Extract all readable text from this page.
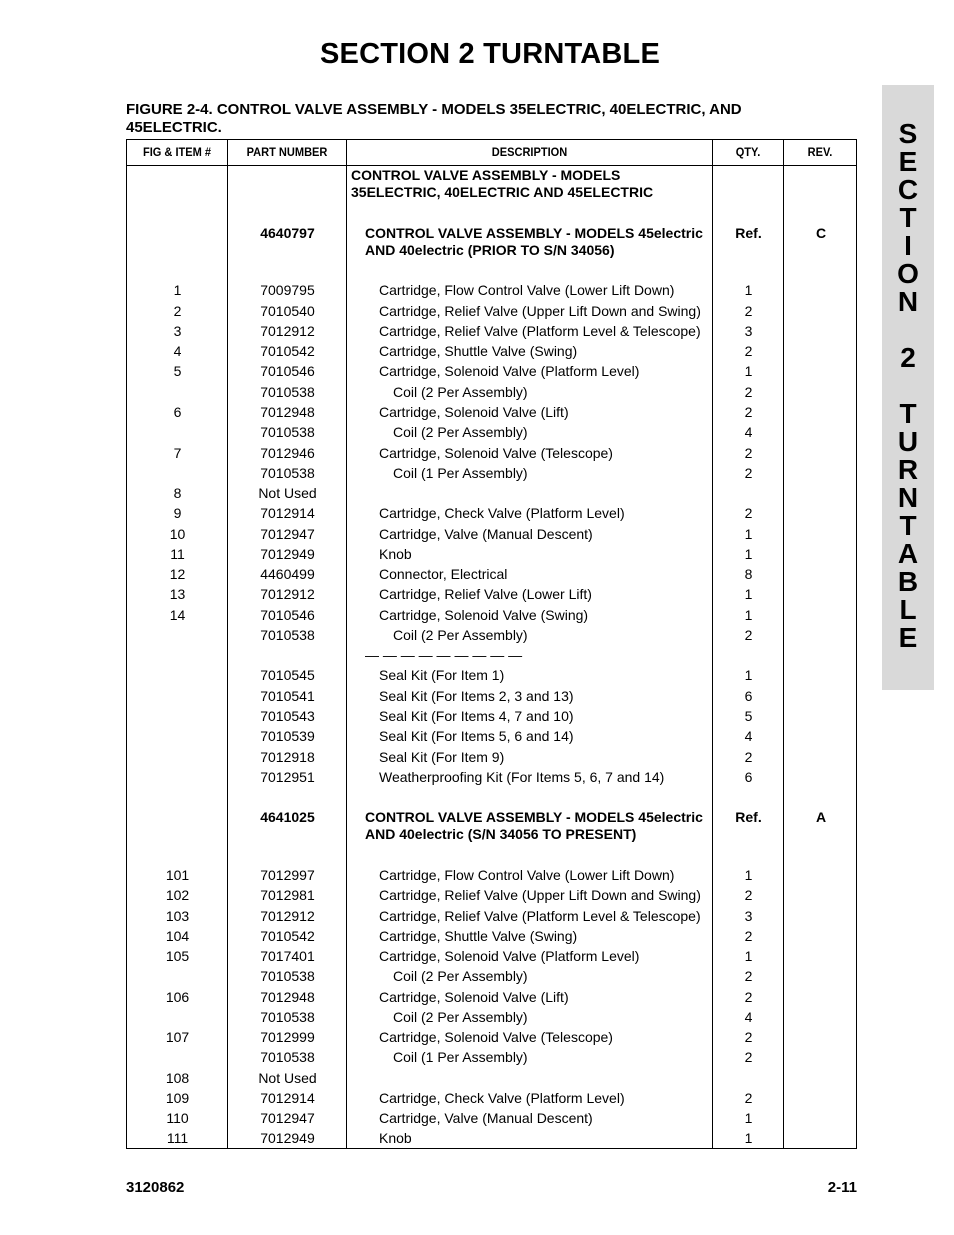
SECTION 2 TURNTABLE
FIGURE 2-4. CONTROL VALVE ASSEMBLY - MODELS 35ELECTRIC, 40ELECTRIC, AND 45ELECTRIC.	S
E
C
T
I
O
N
2
T
U
R
N
T
A
B
L
E
FIG & ITEM #	PART NUMBER	DESCRIPTION	QTY.	REV.
CONTROL VALVE ASSEMBLY - MODELS
35ELECTRIC, 40ELECTRIC AND 45ELECTRIC
4640797	CONTROL VALVE ASSEMBLY - MODELS 45electric	Ref.	C
AND 40electric (PRIOR TO S/N 34056)
1	7009795	Cartridge, Flow Control Valve (Lower Lift Down)	1
2	7010540	Cartridge, Relief Valve (Upper Lift Down and Swing)	2
3	7012912	Cartridge, Relief Valve (Platform Level & Telescope)	3
4	7010542	Cartridge, Shuttle Valve (Swing)	2
5	7010546	Cartridge, Solenoid Valve (Platform Level)	1
7010538	Coil (2 Per Assembly)	2
6	7012948	Cartridge, Solenoid Valve (Lift)	2
7010538	Coil (2 Per Assembly)	4
7	7012946	Cartridge, Solenoid Valve (Telescope)	2
7010538	Coil (1 Per Assembly)	2
8	Not Used
9	7012914	Cartridge, Check Valve (Platform Level)	2
10	7012947	Cartridge, Valve (Manual Descent)	1
11	7012949	Knob	1
12	4460499	Connector, Electrical	8
13	7012912	Cartridge, Relief Valve (Lower Lift)	1
14	7010546	Cartridge, Solenoid Valve (Swing)	1
7010538	Coil (2 Per Assembly)	2
— — — — — — — — —
7010545	Seal Kit (For Item 1)	1
7010541	Seal Kit (For Items 2, 3 and 13)	6
7010543	Seal Kit (For Items 4, 7 and 10)	5
7010539	Seal Kit (For Items 5, 6 and 14)	4
7012918	Seal Kit (For Item 9)	2
7012951	Weatherproofing Kit (For Items 5, 6, 7 and 14)	6
4641025	CONTROL VALVE ASSEMBLY - MODELS 45electric	Ref.	A
AND 40electric (S/N 34056 TO PRESENT)
101	7012997	Cartridge, Flow Control Valve (Lower Lift Down)	1
102	7012981	Cartridge, Relief Valve (Upper Lift Down and Swing)	2
103	7012912	Cartridge, Relief Valve (Platform Level & Telescope)	3
104	7010542	Cartridge, Shuttle Valve (Swing)	2
105	7017401	Cartridge, Solenoid Valve (Platform Level)	1
7010538	Coil (2 Per Assembly)	2
106	7012948	Cartridge, Solenoid Valve (Lift)	2
7010538	Coil (2 Per Assembly)	4
107	7012999	Cartridge, Solenoid Valve (Telescope)	2
7010538	Coil (1 Per Assembly)	2
108	Not Used
109	7012914	Cartridge, Check Valve (Platform Level)	2
110	7012947	Cartridge, Valve (Manual Descent)	1
111	7012949	Knob	1
3120862	2-11
